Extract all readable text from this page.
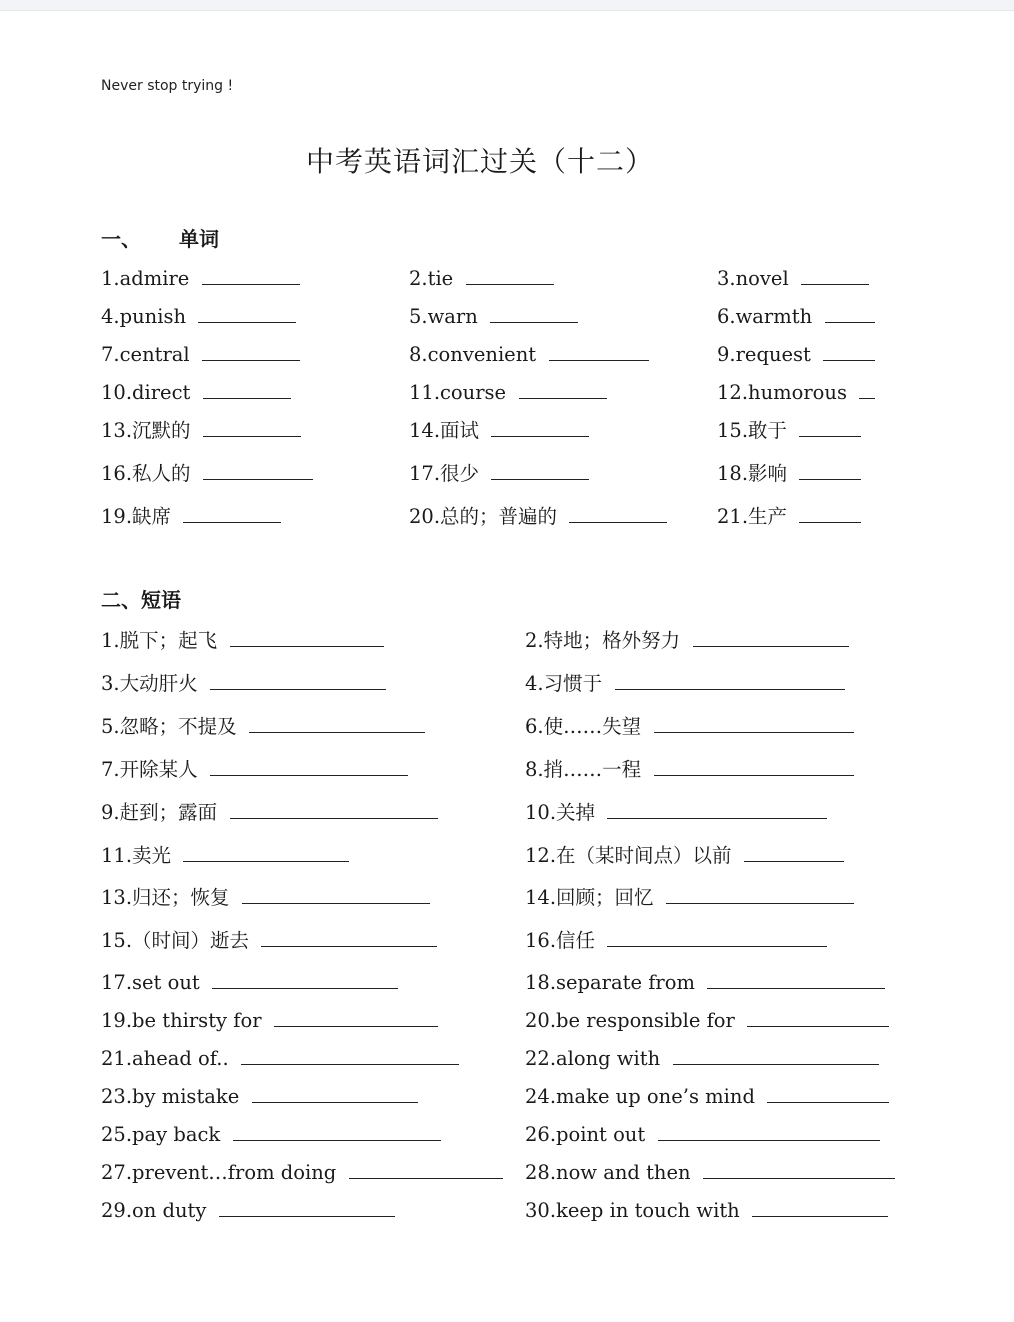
Never stop trying !
中考英语词汇过关（十二）
一、 单词
1.admire	2.tie	3.novel
4.punish	5.warn	6.warmth
7.central	8.convenient	9.request
10.direct	11.course	12.humorous
13.沉默的	14.面试	15.敢于
16.私人的	17.很少	18.影响
19.缺席	20.总的；普遍的	21.生产
二、短语
1.脱下；起飞	2.特地；格外努力
3.大动肝火	4.习惯于
5.忽略；不提及	6.使……失望
7.开除某人	8.捎……一程
9.赶到；露面	10.关掉
11.卖光	12.在（某时间点）以前
13.归还；恢复	14.回顾；回忆
15.（时间）逝去	16.信任
17.set out	18.separate from
19.be thirsty for	20.be responsible for
21.ahead of..	22.along with
23.by mistake	24.make up one’s mind
25.pay back	26.point out
27.prevent…from doing	28.now and then
29.on duty	30.keep in touch with
